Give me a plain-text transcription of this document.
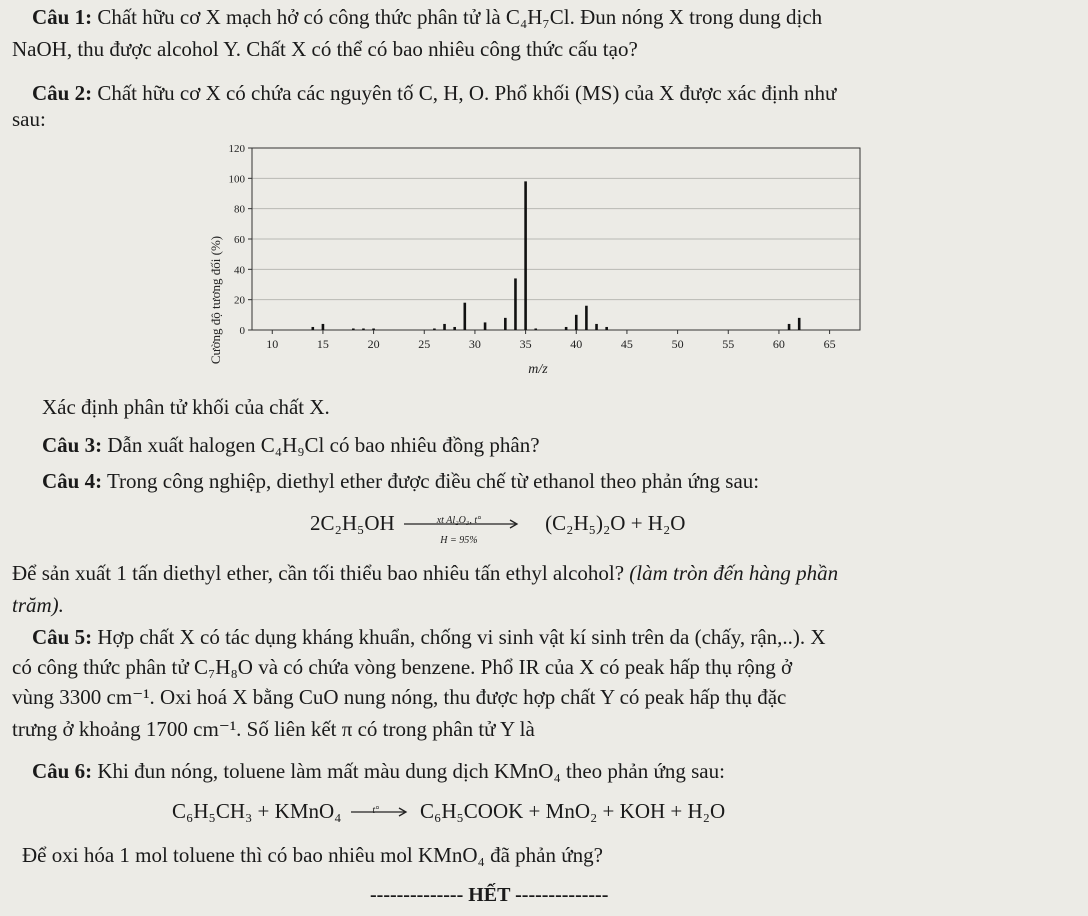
Câu 1: Chất hữu cơ X mạch hở có công thức phân tử là C₄H₇Cl. Đun nóng X trong dung dịch
NaOH, thu được alcohol Y. Chất X có thể có bao nhiêu công thức cấu tạo?
Câu 2: Chất hữu cơ X có chứa các nguyên tố C, H, O. Phổ khối (MS) của X được xác định như
sau:
0
20
40
60
80
100
120
10	15	20	25	30	35	40	45	50	55	60	65
Cường độ tương đối (%)
m/z
Xác định phân tử khối của chất X.
Câu 3: Dẫn xuất halogen C₄H₉Cl có bao nhiêu đồng phân?
Câu 4: Trong công nghiệp, diethyl ether được điều chế từ ethanol theo phản ứng sau:
2C₂H₅OH	xt Al₂O₃, t°
H = 95%
(C₂H₅)₂O + H₂O
Để sản xuất 1 tấn diethyl ether, cần tối thiểu bao nhiêu tấn ethyl alcohol? (làm tròn đến hàng phần
trăm).
Câu 5: Hợp chất X có tác dụng kháng khuẩn, chống vi sinh vật kí sinh trên da (chấy, rận,..). X
có công thức phân tử C₇H₈O và có chứa vòng benzene. Phổ IR của X có peak hấp thụ rộng ở
vùng 3300 cm⁻¹. Oxi hoá X bằng CuO nung nóng, thu được hợp chất Y có peak hấp thụ đặc
trưng ở khoảng 1700 cm⁻¹. Số liên kết π có trong phân tử Y là
Câu 6: Khi đun nóng, toluene làm mất màu dung dịch KMnO₄ theo phản ứng sau:
C₆H₅CH₃ + KMnO₄	t°	C₆H₅COOK + MnO₂ + KOH + H₂O
Để oxi hóa 1 mol toluene thì có bao nhiêu mol KMnO₄ đã phản ứng?
-------------- HẾT --------------
